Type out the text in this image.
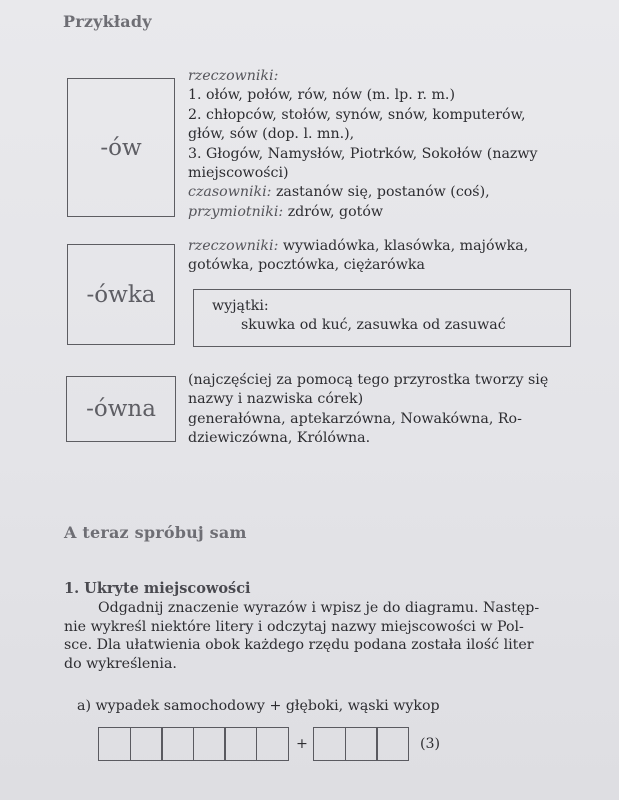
Przykłady
-ów
rzeczowniki:
1. ołów, połów, rów, nów (m. lp. r. m.)
2. chłopców, stołów, synów, snów, komputerów,
głów, sów (dop. l. mn.),
3. Głogów, Namysłów, Piotrków, Sokołów (nazwy
miejscowości)
czasowniki: zastanów się, postanów (coś),
przymiotniki: zdrów, gotów
-ówka
rzeczowniki: wywiadówka, klasówka, majówka,
gotówka, pocztówka, ciężarówka
wyjątki:
skuwka od kuć, zasuwka od zasuwać
-ówna
(najczęściej za pomocą tego przyrostka tworzy się
nazwy i nazwiska córek)
generałówna, aptekarzówna, Nowakówna, Ro-
dziewiczówna, Królówna.
A teraz spróbuj sam
1. Ukryte miejscowości
Odgadnij znaczenie wyrazów i wpisz je do diagramu. Następ-
nie wykreśl niektóre litery i odczytaj nazwy miejscowości w Pol-
sce. Dla ułatwienia obok każdego rzędu podana została ilość liter
do wykreślenia.
a) wypadek samochodowy + głęboki, wąski wykop
+	(3)
